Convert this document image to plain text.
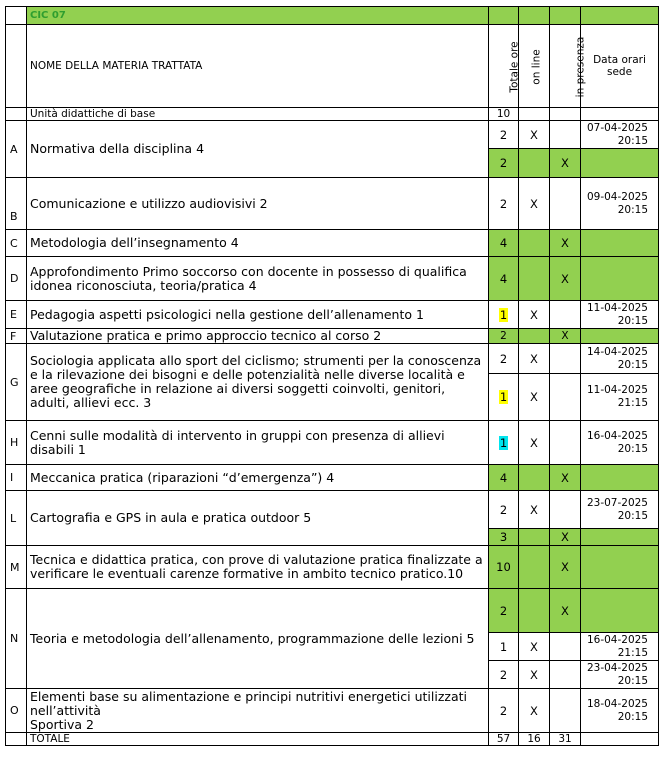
	CIC 07				
	NOME DELLA MATERIA TRATTATA	Totale ore	on line	in presenza	Data orari
sede
	Unità didattiche di base	10			
A	Normativa della disciplina 4	2	X		07-04-2025
20:15
		2		X	
B	Comunicazione e utilizzo audiovisivi 2	2	X		09-04-2025
20:15
C	Metodologia dell’insegnamento 4	4		X	
D	Approfondimento Primo soccorso con docente in possesso di qualifica idonea riconosciuta, teoria/pratica 4	4		X	
E	Pedagogia aspetti psicologici nella gestione dell’allenamento 1	1	X		11-04-2025
20:15
F	Valutazione pratica e primo approccio tecnico al corso 2	2		X	
G	Sociologia applicata allo sport del ciclismo; strumenti per la conoscenza e la rilevazione dei bisogni e delle potenzialità nelle diverse località e aree geografiche in relazione ai diversi soggetti coinvolti, genitori, adulti, allievi ecc. 3	2	X		14-04-2025
20:15
		1	X		11-04-2025
21:15
H	Cenni sulle modalità di intervento in gruppi con presenza di allievi disabili 1	1	X		16-04-2025
20:15
I	Meccanica pratica (riparazioni “d’emergenza”) 4	4		X	
L	Cartografia e GPS in aula e pratica outdoor 5	2	X		23-07-2025
20:15
		3		X	
M	Tecnica e didattica pratica, con prove di valutazione pratica finalizzate a verificare le eventuali carenze formative in ambito tecnico pratico.10	10		X	
N	Teoria e metodologia dell’allenamento, programmazione delle lezioni 5	2		X	
		1	X		16-04-2025
21:15
		2	X		23-04-2025
20:15
O	Elementi base su alimentazione e principi nutritivi energetici utilizzati nell’attività
Sportiva 2	2	X		18-04-2025
20:15
	TOTALE	57	16	31	
